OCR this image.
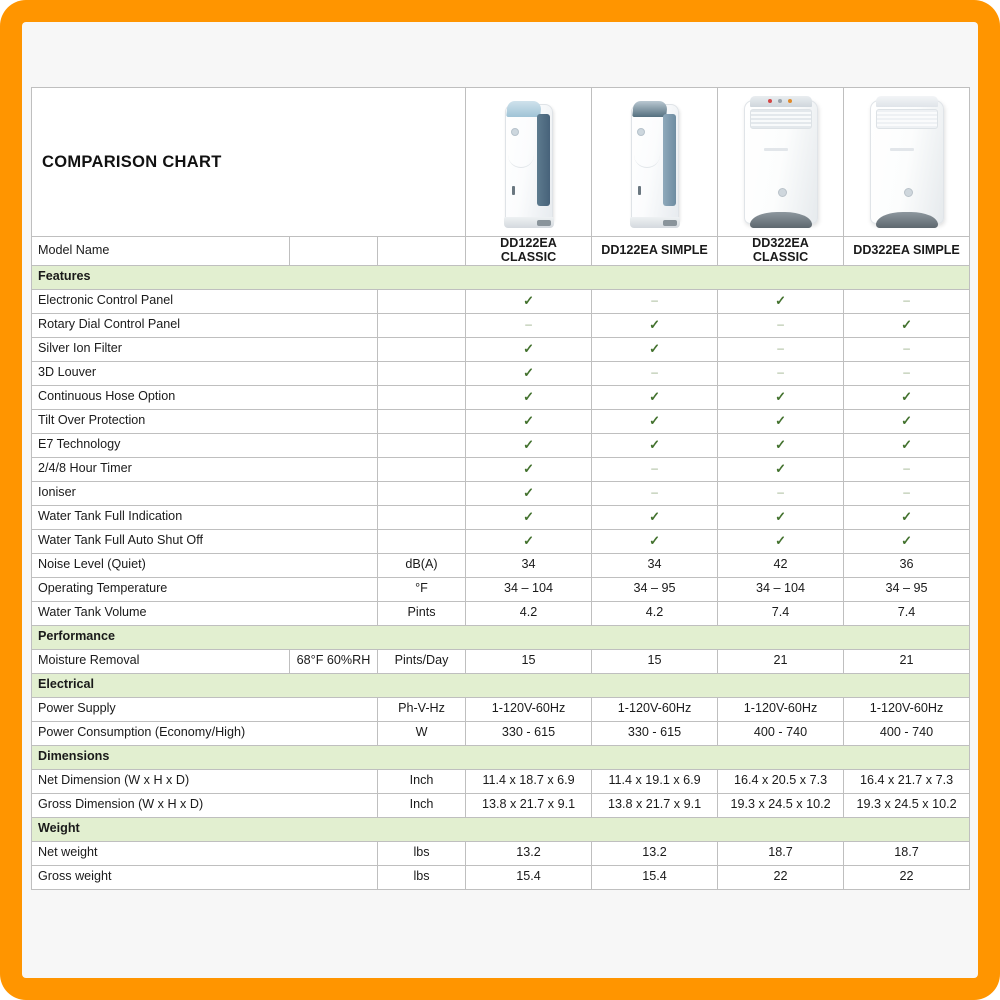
COMPARISON CHART						

Model Name			DD122EA CLASSIC	DD122EA SIMPLE	DD322EA CLASSIC	DD322EA SIMPLE
Features						
Electronic Control Panel			✓	–	✓	–
Rotary Dial Control Panel			–	✓	–	✓
Silver Ion Filter			✓	✓	–	–
3D Louver			✓	–	–	–
Continuous Hose Option			✓	✓	✓	✓
Tilt Over Protection			✓	✓	✓	✓
E7 Technology			✓	✓	✓	✓
2/4/8 Hour Timer			✓	–	✓	–
Ioniser			✓	–	–	–
Water Tank Full Indication			✓	✓	✓	✓
Water Tank Full Auto Shut Off			✓	✓	✓	✓
Noise Level (Quiet)		dB(A)	34	34	42	36
Operating Temperature		°F	34 – 104	34 – 95	34 – 104	34 – 95
Water Tank Volume		Pints	4.2	4.2	7.4	7.4
Performance						
Moisture Removal	68°F 60%RH	Pints/Day	15	15	21	21
Electrical						
Power Supply		Ph-V-Hz	1-120V-60Hz	1-120V-60Hz	1-120V-60Hz	1-120V-60Hz
Power Consumption (Economy/High)		W	330 - 615	330 - 615	400 - 740	400 - 740
Dimensions						
Net Dimension (W x H x D)		Inch	11.4 x 18.7 x 6.9	11.4 x 19.1 x 6.9	16.4 x 20.5 x 7.3	16.4 x 21.7 x 7.3
Gross Dimension (W x H x D)		Inch	13.8 x 21.7 x 9.1	13.8 x 21.7 x 9.1	19.3 x 24.5 x 10.2	19.3 x 24.5 x 10.2
Weight						
Net weight		lbs	13.2	13.2	18.7	18.7
Gross weight		lbs	15.4	15.4	22	22
